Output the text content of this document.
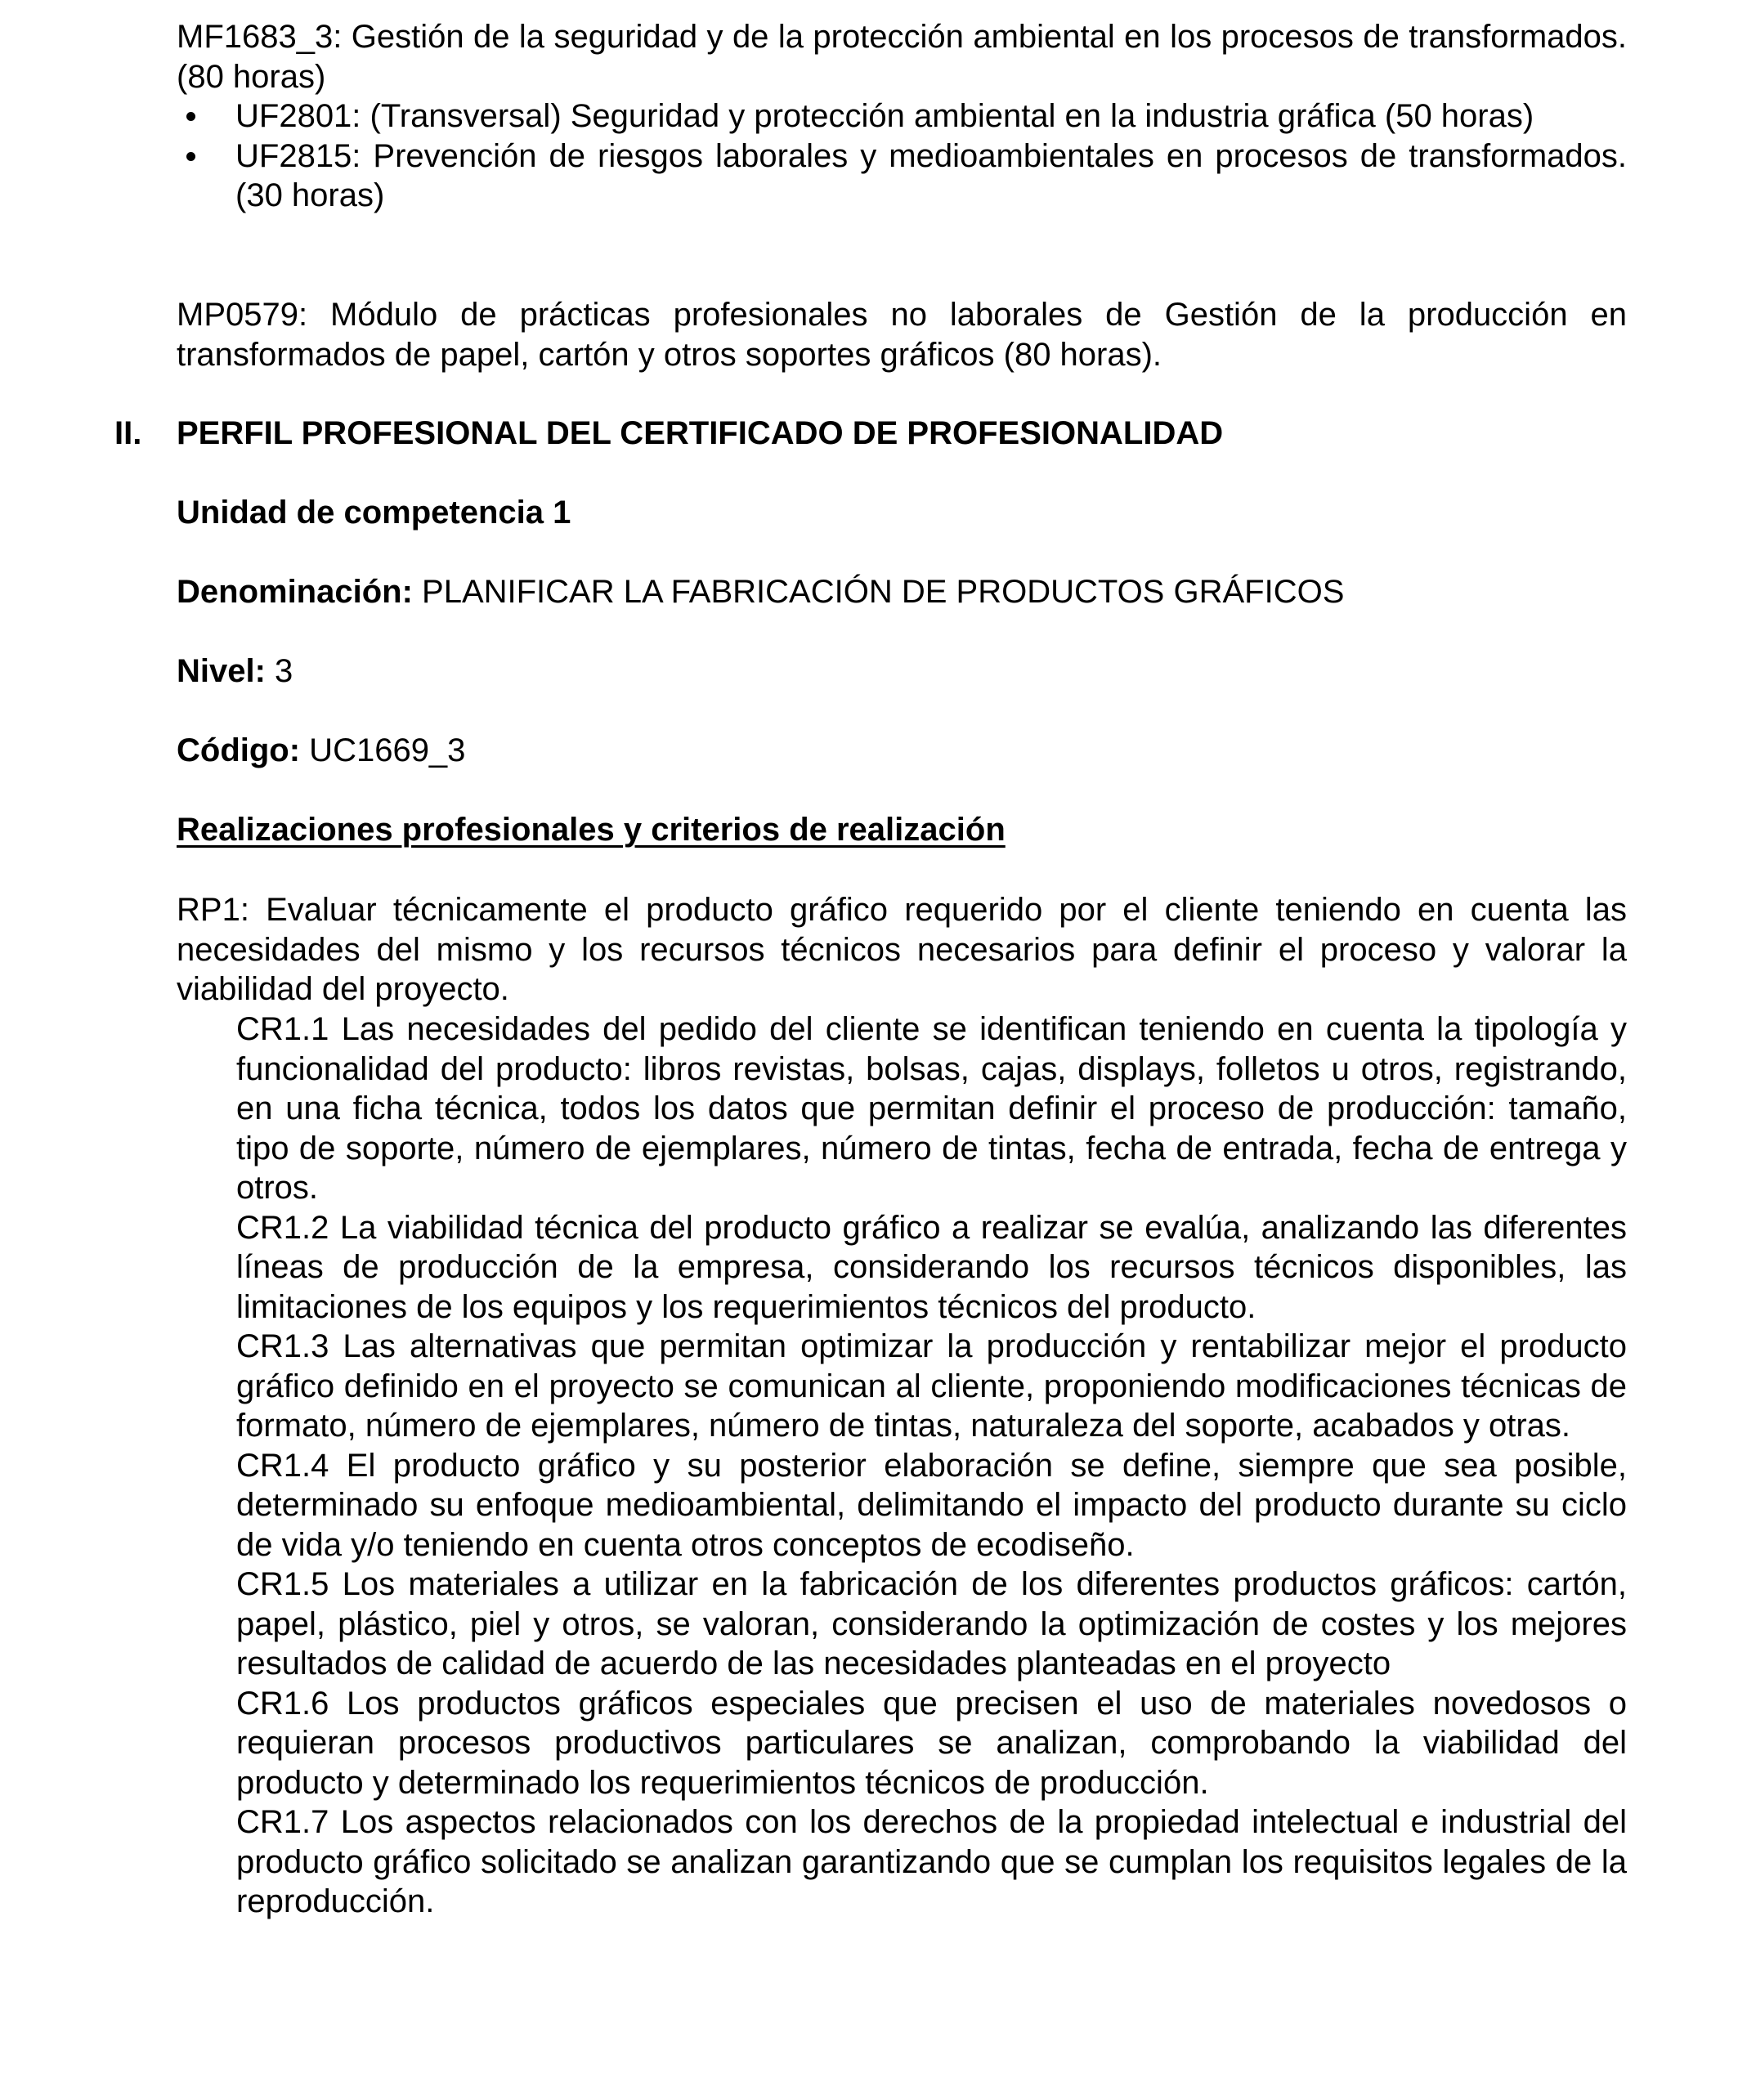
MF1683_3: Gestión de la seguridad y de la protección ambiental en los procesos de transformados. (80 horas)
UF2801: (Transversal) Seguridad y protección ambiental en la industria gráfica (50 horas)
UF2815: Prevención de riesgos laborales y medioambientales en procesos de transformados. (30 horas)
MP0579: Módulo de prácticas profesionales no laborales de Gestión de la producción en transformados de papel, cartón y otros soportes gráficos (80 horas).
II. PERFIL PROFESIONAL DEL CERTIFICADO DE PROFESIONALIDAD
Unidad de competencia 1
Denominación: PLANIFICAR LA FABRICACIÓN DE PRODUCTOS GRÁFICOS
Nivel: 3
Código: UC1669_3
Realizaciones profesionales y criterios de realización
RP1: Evaluar técnicamente el producto gráfico requerido por el cliente teniendo en cuenta las necesidades del mismo y los recursos técnicos necesarios para definir el proceso y valorar la viabilidad del proyecto.
CR1.1 Las necesidades del pedido del cliente se identifican teniendo en cuenta la tipología y funcionalidad del producto: libros revistas, bolsas, cajas, displays, folletos u otros, registrando, en una ficha técnica, todos los datos que permitan definir el proceso de producción: tamaño, tipo de soporte, número de ejemplares, número de tintas, fecha de entrada, fecha de entrega y otros.
CR1.2 La viabilidad técnica del producto gráfico a realizar se evalúa, analizando las diferentes líneas de producción de la empresa, considerando los recursos técnicos disponibles, las limitaciones de los equipos y los requerimientos técnicos del producto.
CR1.3 Las alternativas que permitan optimizar la producción y rentabilizar mejor el producto gráfico definido en el proyecto se comunican al cliente, proponiendo modificaciones técnicas de formato, número de ejemplares, número de tintas, naturaleza del soporte, acabados y otras.
CR1.4 El producto gráfico y su posterior elaboración se define, siempre que sea posible, determinado su enfoque medioambiental, delimitando el impacto del producto durante su ciclo de vida y/o teniendo en cuenta otros conceptos de ecodiseño.
CR1.5 Los materiales a utilizar en la fabricación de los diferentes productos gráficos: cartón, papel, plástico, piel y otros, se valoran, considerando la optimización de costes y los mejores resultados de calidad de acuerdo de las necesidades planteadas en el proyecto
CR1.6 Los productos gráficos especiales que precisen el uso de materiales novedosos o requieran procesos productivos particulares se analizan, comprobando la viabilidad del producto y determinado los requerimientos técnicos de producción.
CR1.7 Los aspectos relacionados con los derechos de la propiedad intelectual e industrial del producto gráfico solicitado se analizan garantizando que se cumplan los requisitos legales de la reproducción.
